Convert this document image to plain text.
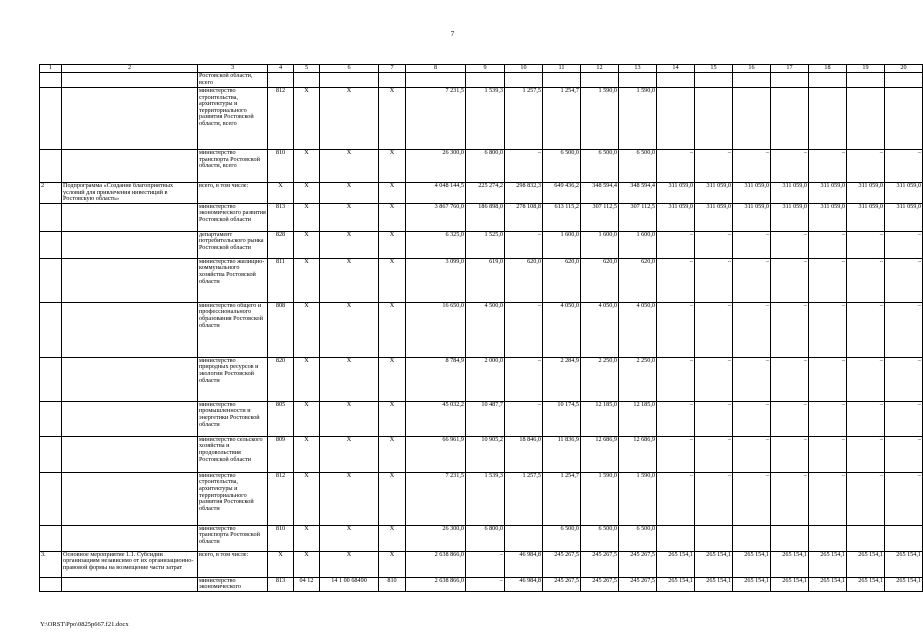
7
1	2	3	4	5	6	7	8	9	10	11	12	13	14	15	16	17	18	19	20
		Ростовской области, всего																	
		министерство строительства, архитектуры и территориального развития Ростовской области, всего	812	Х	Х	Х	7 231,5	1 539,3	1 257,5	1 254,7	1 590,0	1 590,0							
		министерство транспорта Ростовской области, всего	810	Х	Х	Х	26 300,0	6 800,0	–	6 500,0	6 500,0	6 500,0	–	–	–	–	–	–	–
2	Подпрограмма «Создание благоприятных условий для привлечения инвестиций в Ростовскую область»	всего, в том числе:	Х	Х	Х	Х	4 048 144,5	225 274,2	298 832,3	649 436,2	348 594,4	348 594,4	311 059,0	311 059,0	311 059,0	311 059,0	311 059,0	311 059,0	311 059,0
		министерство экономического развития Ростовской области	813	Х	Х	Х	3 867 760,0	186 898,0	278 108,8	613 115,2	307 112,5	307 112,5	311 059,0	311 059,0	311 059,0	311 059,0	311 059,0	311 059,0	311 059,0
		департамент потребительского рынка Ростовской области	828	Х	Х	Х	6 325,0	1 525,0	–	1 600,0	1 600,0	1 600,0	–	–	–	–	–	–	–
		министерство жилищно-коммунального хозяйства Ростовской области	811	Х	Х	Х	3 099,0	619,0	620,0	620,0	620,0	620,0	–	–	–	–	–	–	–
		министерство общего и профессионального образования Ростовской области	808	Х	Х	Х	16 650,0	4 500,0	–	4 050,0	4 050,0	4 050,0	–	–	–	–	–	–	–
		министерство природных ресурсов и экологии Ростовской области	820	Х	Х	Х	8 784,9	2 000,0	–	2 284,9	2 250,0	2 250,0	–	–	–	–	–	–	–
		министерство промышленности и энергетики Ростовской области	805	Х	Х	Х	45 032,2	10 487,7	–	10 174,5	12 185,0	12 185,0	–	–	–	–	–	–	–
		министерство сельского хозяйства и продовольствия Ростовской области	809	Х	Х	Х	66 961,9	10 905,2	18 846,0	11 836,9	12 686,9	12 686,9	–	–	–	–	–	–	–
		министерство строительства, архитектуры и территориального развития Ростовской области	812	Х	Х	Х	7 231,5	1 539,3	1 257,5	1 254,7	1 590,0	1 590,0	–	–	–	–	–	–	–
		министерство транспорта Ростовской области	810	Х	Х	Х	26 300,0	6 800,0		6 500,0	6 500,0	6 500,0							
3.	Основное мероприятие 1.1. Субсидии организациям независимо от их организационно-правовой формы на возмещение части затрат	всего, в том числе:	Х	Х	Х	Х	2 638 866,0	–	46 984,8	245 267,5	245 267,5	245 267,5	265 154,1	265 154,1	265 154,1	265 154,1	265 154,1	265 154,1	265 154,1
		министерство экономического	813	04 12	14 1 00 68490	810	2 638 866,0	–	46 984,8	245 267,5	245 267,5	245 267,5	265 154,1	265 154,1	265 154,1	265 154,1	265 154,1	265 154,1	265 154,1
Y:\ORST\Ppo\0825p667.f21.docx
